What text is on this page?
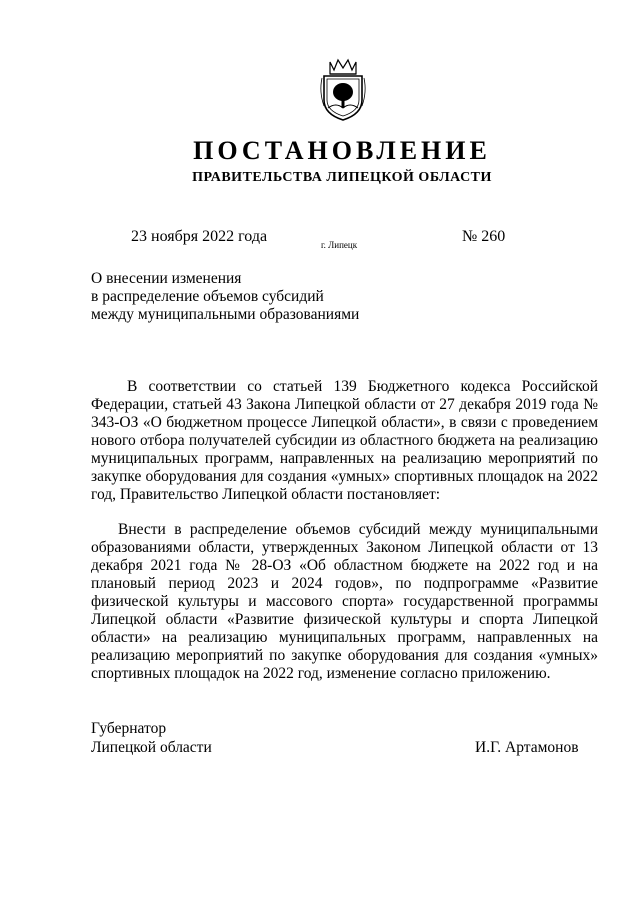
ПОСТАНОВЛЕНИЕ
ПРАВИТЕЛЬСТВА ЛИПЕЦКОЙ ОБЛАСТИ
23 ноября 2022 года	г. Липецк	№ 260
О внесении изменения
в распределение объемов субсидий
между муниципальными образованиями

В соответствии со статьей 139 Бюджетного кодекса Российской Федерации, статьей 43 Закона Липецкой области от 27 декабря 2019 года № 343-ОЗ «О бюджетном процессе Липецкой области», в связи с проведением нового отбора получателей субсидии из областного бюджета на реализацию муниципальных программ, направленных на реализацию мероприятий по закупке оборудования для создания «умных» спортивных площадок на 2022 год, Правительство Липецкой области постановляет:

Внести в распределение объемов субсидий между муниципальными образованиями области, утвержденных Законом Липецкой области от 13 декабря 2021 года № 28-ОЗ «Об областном бюджете на 2022 год и на плановый период 2023 и 2024 годов», по подпрограмме «Развитие физической культуры и массового спорта» государственной программы Липецкой области «Развитие физической культуры и спорта Липецкой области» на реализацию муниципальных программ, направленных на реализацию мероприятий по закупке оборудования для создания «умных» спортивных площадок на 2022 год, изменение согласно приложению.

Губернатор
Липецкой области	И.Г. Артамонов
